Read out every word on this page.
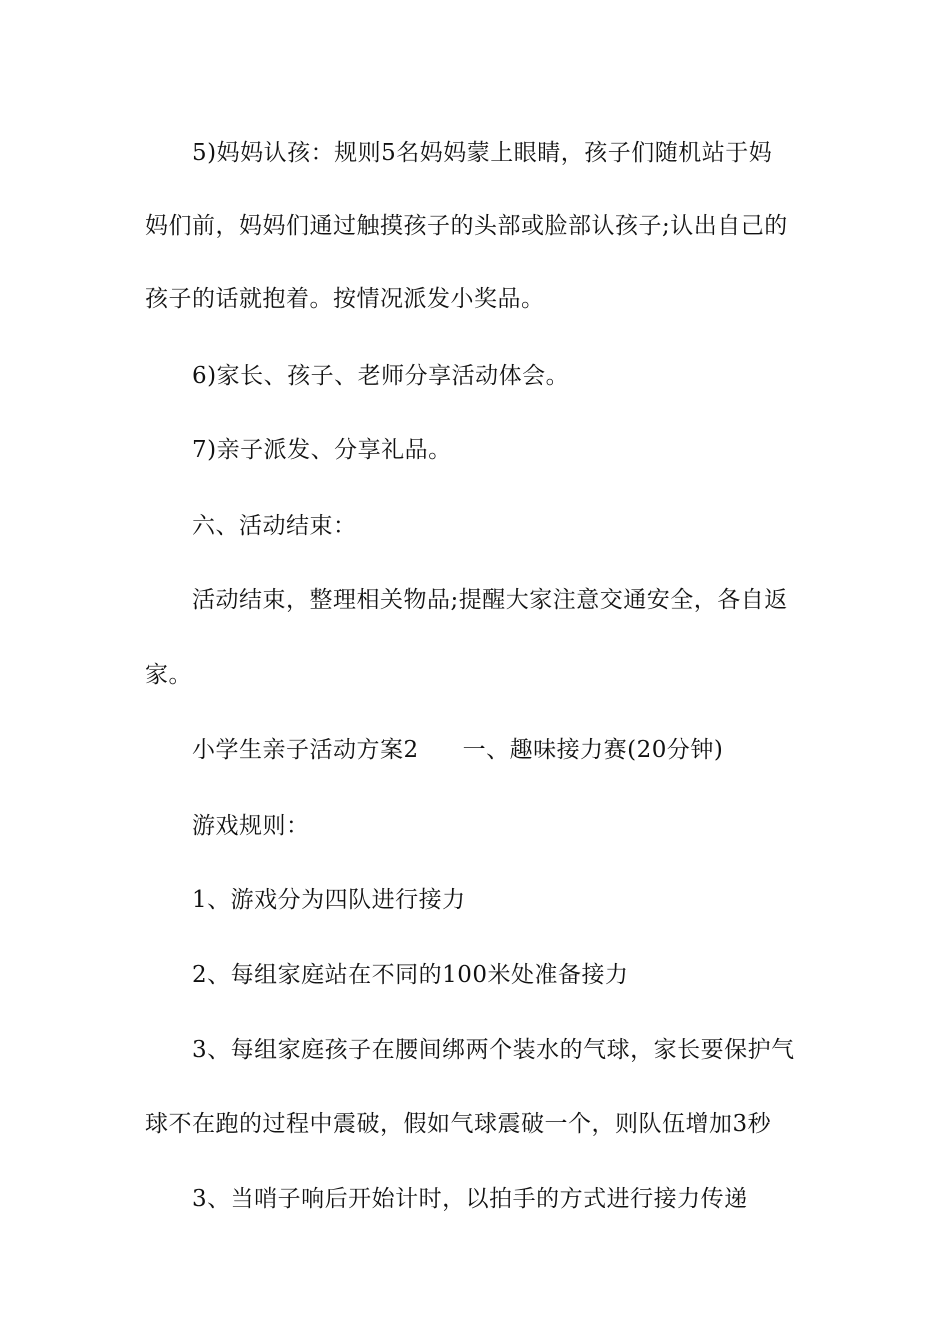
5)妈妈认孩：规则5名妈妈蒙上眼睛，孩子们随机站于妈
妈们前，妈妈们通过触摸孩子的头部或脸部认孩子;认出自己的
孩子的话就抱着。按情况派发小奖品。
6)家长、孩子、老师分享活动体会。
7)亲子派发、分享礼品。
六、活动结束：
活动结束，整理相关物品;提醒大家注意交通安全，各自返
家。
小学生亲子活动方案2 一、趣味接力赛(20分钟)
游戏规则：
1、游戏分为四队进行接力
2、每组家庭站在不同的100米处准备接力
3、每组家庭孩子在腰间绑两个装水的气球，家长要保护气
球不在跑的过程中震破，假如气球震破一个，则队伍增加3秒
3、当哨子响后开始计时，以拍手的方式进行接力传递
